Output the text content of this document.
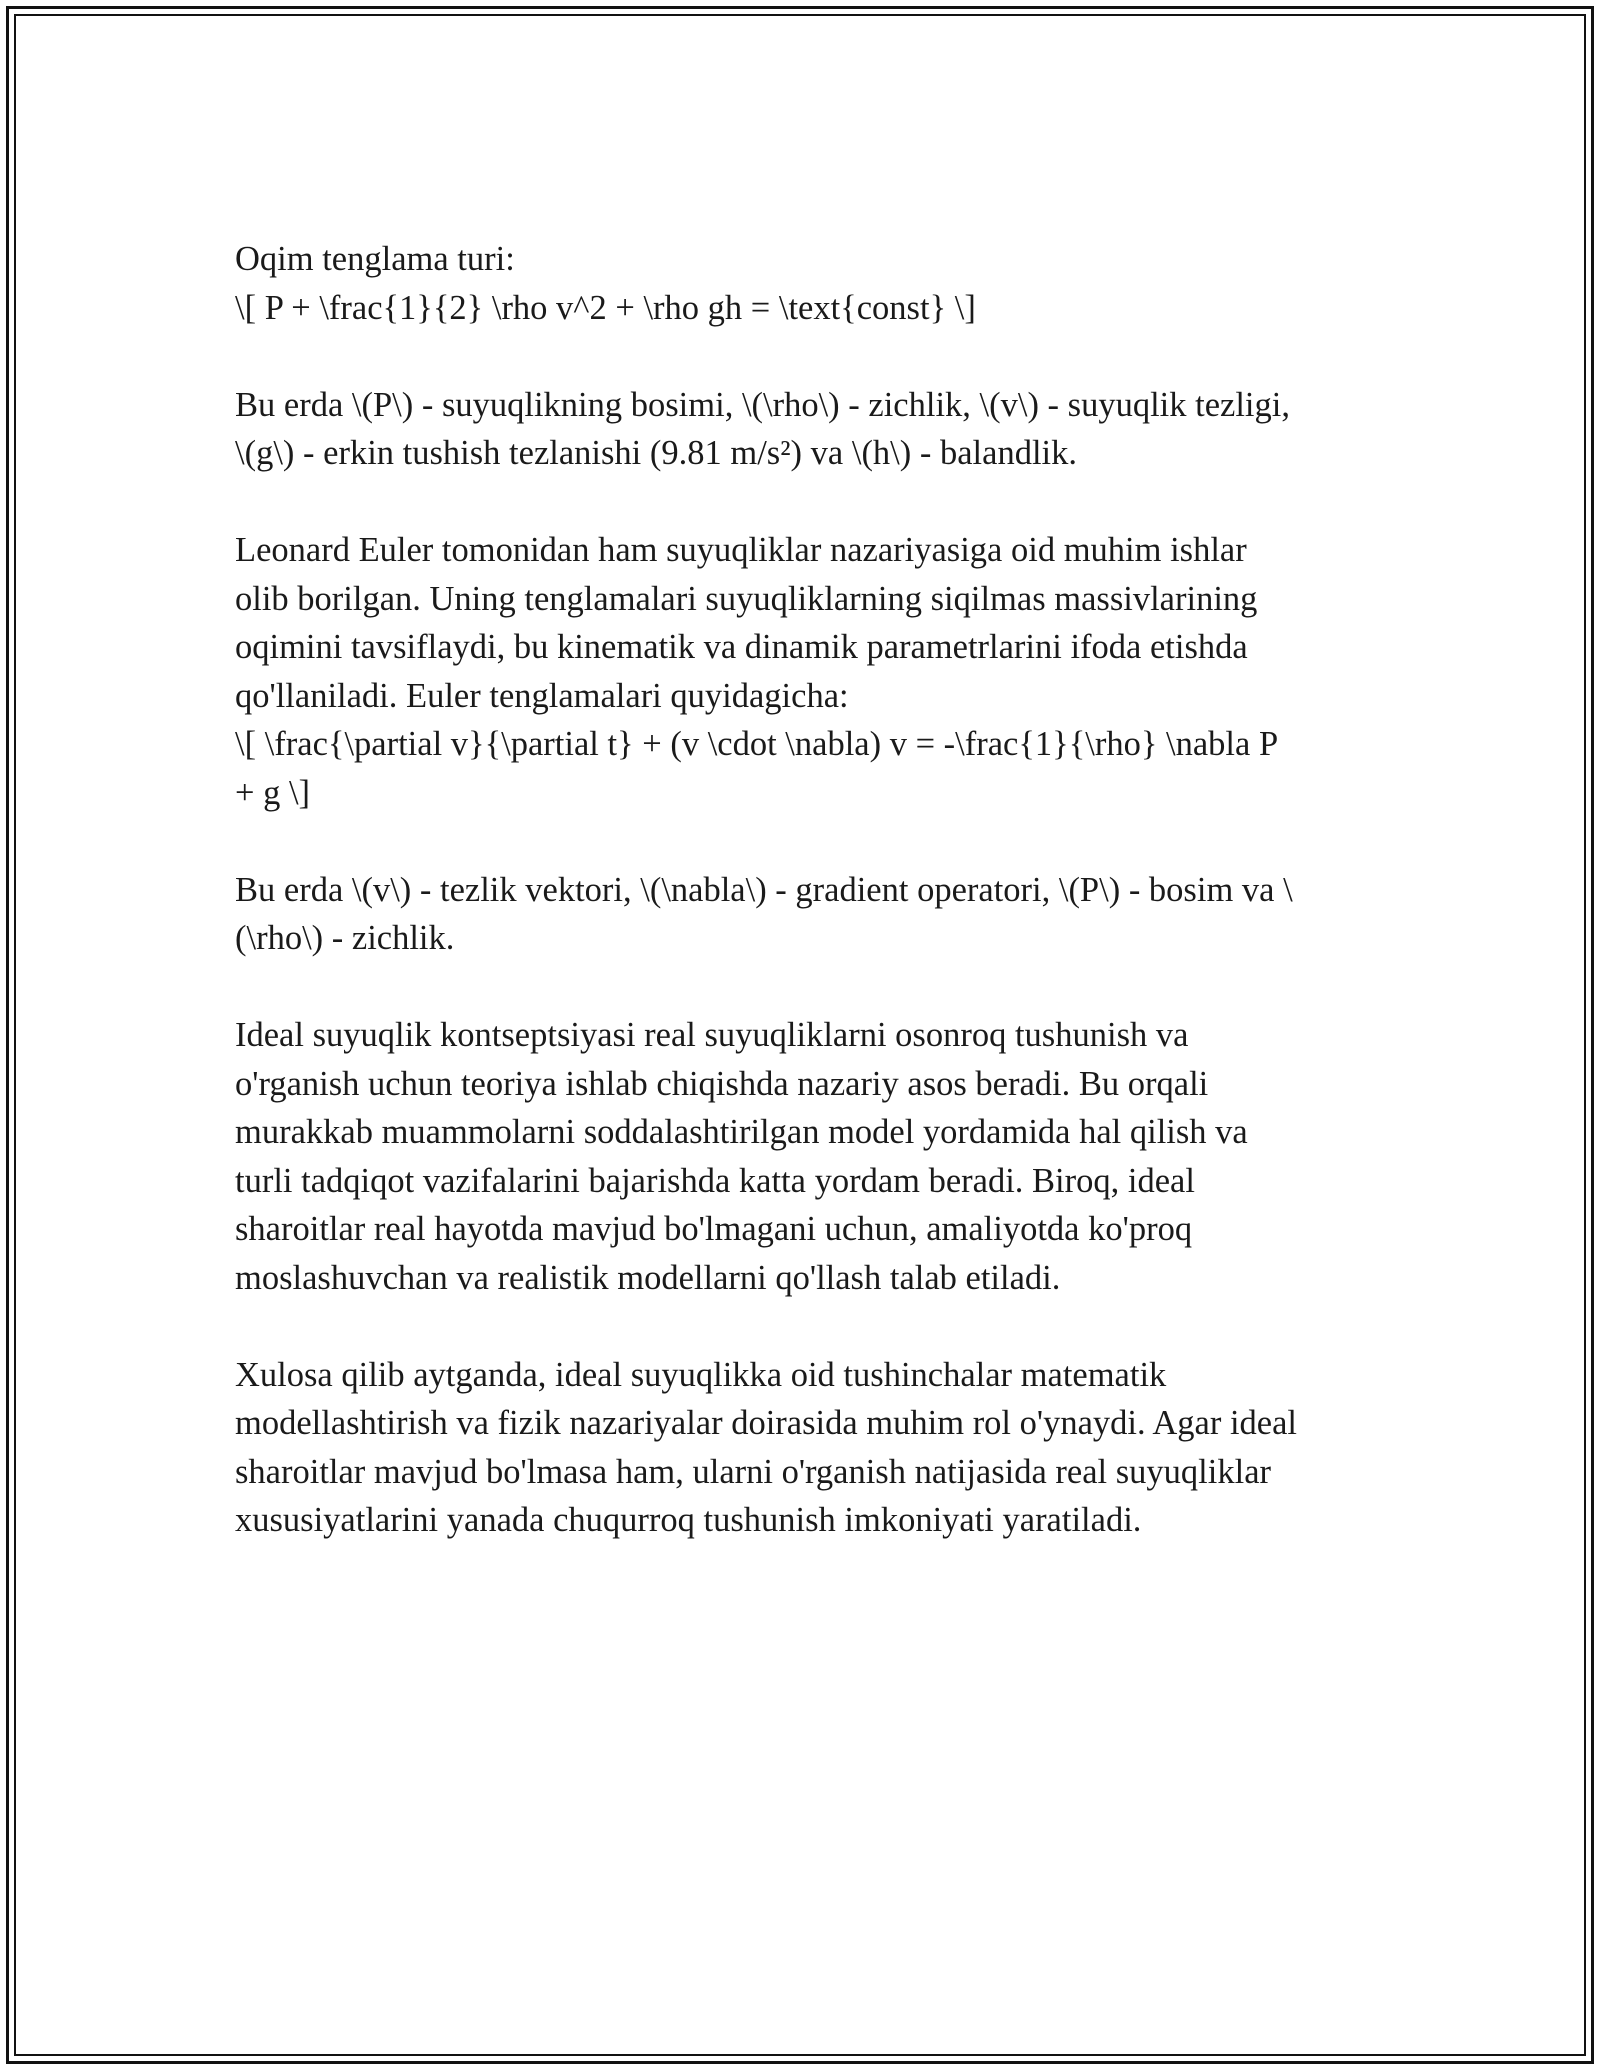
Oqim tenglama turi:
\[ P + \frac{1}{2} \rho v^2 + \rho gh = \text{const} \]

Bu erda \(P\) - suyuqlikning bosimi, \(\rho\) - zichlik, \(v\) - suyuqlik tezligi,
\(g\) - erkin tushish tezlanishi (9.81 m/s²) va \(h\) - balandlik.

Leonard Euler tomonidan ham suyuqliklar nazariyasiga oid muhim ishlar
olib borilgan. Uning tenglamalari suyuqliklarning siqilmas massivlarining
oqimini tavsiflaydi, bu kinematik va dinamik parametrlarini ifoda etishda
qo'llaniladi. Euler tenglamalari quyidagicha:
\[ \frac{\partial v}{\partial t} + (v \cdot \nabla) v = -\frac{1}{\rho} \nabla P
+ g \]

Bu erda \(v\) - tezlik vektori, \(\nabla\) - gradient operatori, \(P\) - bosim va \
(\rho\) - zichlik.

Ideal suyuqlik kontseptsiyasi real suyuqliklarni osonroq tushunish va
o'rganish uchun teoriya ishlab chiqishda nazariy asos beradi. Bu orqali
murakkab muammolarni soddalashtirilgan model yordamida hal qilish va
turli tadqiqot vazifalarini bajarishda katta yordam beradi. Biroq, ideal
sharoitlar real hayotda mavjud bo'lmagani uchun, amaliyotda ko'proq
moslashuvchan va realistik modellarni qo'llash talab etiladi.

Xulosa qilib aytganda, ideal suyuqlikka oid tushinchalar matematik
modellashtirish va fizik nazariyalar doirasida muhim rol o'ynaydi. Agar ideal
sharoitlar mavjud bo'lmasa ham, ularni o'rganish natijasida real suyuqliklar
xususiyatlarini yanada chuqurroq tushunish imkoniyati yaratiladi.
